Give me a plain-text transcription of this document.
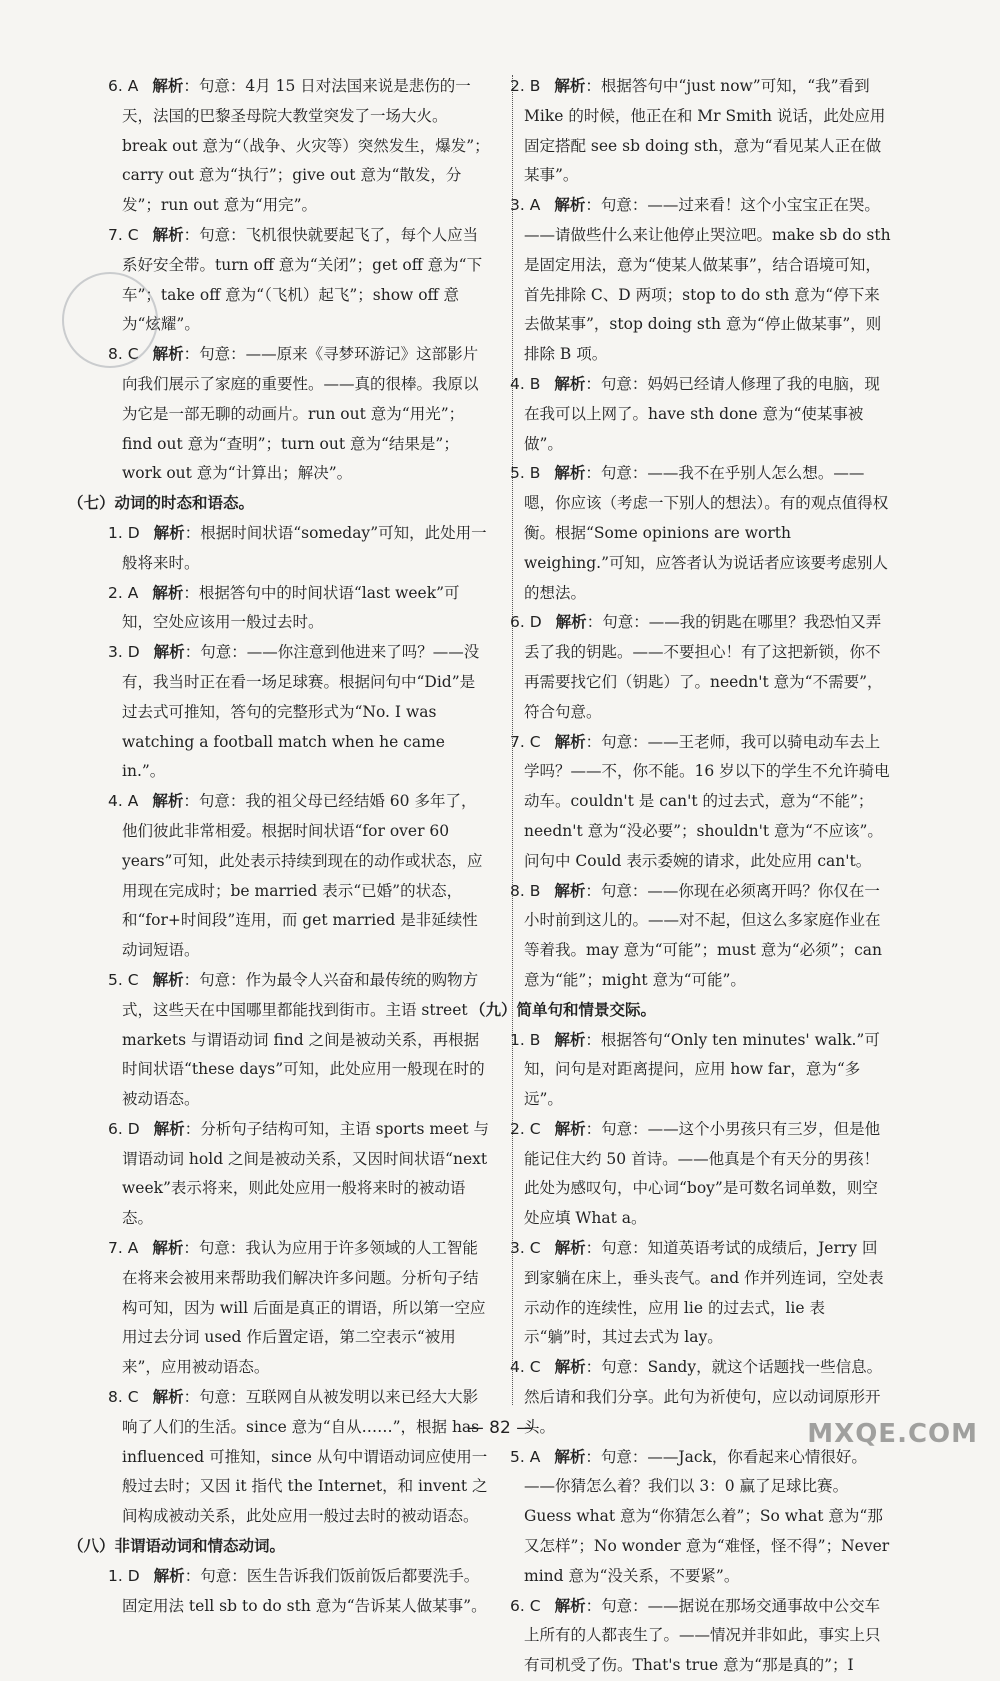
6. A 解析：句意：4月 15 日对法国来说是悲伤的一天，法国的巴黎圣母院大教堂突发了一场大火。break out 意为“（战争、火灾等）突然发生，爆发”；carry out 意为“执行”；give out 意为“散发，分发”；run out 意为“用完”。

7. C 解析：句意：飞机很快就要起飞了，每个人应当系好安全带。turn off 意为“关闭”；get off 意为“下车”；take off 意为“（飞机）起飞”；show off 意为“炫耀”。

8. C 解析：句意：——原来《寻梦环游记》这部影片向我们展示了家庭的重要性。——真的很棒。我原以为它是一部无聊的动画片。run out 意为“用光”；find out 意为“查明”；turn out 意为“结果是”；work out 意为“计算出；解决”。

（七）动词的时态和语态。

1. D 解析：根据时间状语“someday”可知，此处用一般将来时。

2. A 解析：根据答句中的时间状语“last week”可知，空处应该用一般过去时。

3. D 解析：句意：——你注意到他进来了吗？——没有，我当时正在看一场足球赛。根据问句中“Did”是过去式可推知，答句的完整形式为“No. I was watching a football match when he came in.”。

4. A 解析：句意：我的祖父母已经结婚 60 多年了，他们彼此非常相爱。根据时间状语“for over 60 years”可知，此处表示持续到现在的动作或状态，应用现在完成时；be married 表示“已婚”的状态，和“for+时间段”连用，而 get married 是非延续性动词短语。

5. C 解析：句意：作为最令人兴奋和最传统的购物方式，这些天在中国哪里都能找到街市。主语 street markets 与谓语动词 find 之间是被动关系，再根据时间状语“these days”可知，此处应用一般现在时的被动语态。

6. D 解析：分析句子结构可知，主语 sports meet 与谓语动词 hold 之间是被动关系，又因时间状语“next week”表示将来，则此处应用一般将来时的被动语态。

7. A 解析：句意：我认为应用于许多领域的人工智能在将来会被用来帮助我们解决许多问题。分析句子结构可知，因为 will 后面是真正的谓语，所以第一空应用过去分词 used 作后置定语，第二空表示“被用来”，应用被动语态。

8. C 解析：句意：互联网自从被发明以来已经大大影响了人们的生活。since 意为“自从……”，根据 has influenced 可推知，since 从句中谓语动词应使用一般过去时；又因 it 指代 the Internet，和 invent 之间构成被动关系，此处应用一般过去时的被动语态。

（八）非谓语动词和情态动词。

1. D 解析：句意：医生告诉我们饭前饭后都要洗手。固定用法 tell sb to do sth 意为“告诉某人做某事”。

2. B 解析：根据答句中“just now”可知，“我”看到 Mike 的时候，他正在和 Mr Smith 说话，此处应用固定搭配 see sb doing sth，意为“看见某人正在做某事”。

3. A 解析：句意：——过来看！这个小宝宝正在哭。——请做些什么来让他停止哭泣吧。make sb do sth 是固定用法，意为“使某人做某事”，结合语境可知，首先排除 C、D 两项；stop to do sth 意为“停下来去做某事”，stop doing sth 意为“停止做某事”，则排除 B 项。

4. B 解析：句意：妈妈已经请人修理了我的电脑，现在我可以上网了。have sth done 意为“使某事被做”。

5. B 解析：句意：——我不在乎别人怎么想。——嗯，你应该（考虑一下别人的想法）。有的观点值得权衡。根据“Some opinions are worth weighing.”可知，应答者认为说话者应该要考虑别人的想法。

6. D 解析：句意：——我的钥匙在哪里？我恐怕又弄丢了我的钥匙。——不要担心！有了这把新锁，你不再需要找它们（钥匙）了。needn't 意为“不需要”，符合句意。

7. C 解析：句意：——王老师，我可以骑电动车去上学吗？——不，你不能。16 岁以下的学生不允许骑电动车。couldn't 是 can't 的过去式，意为“不能”；needn't 意为“没必要”；shouldn't 意为“不应该”。问句中 Could 表示委婉的请求，此处应用 can't。

8. B 解析：句意：——你现在必须离开吗？你仅在一小时前到这儿的。——对不起，但这么多家庭作业在等着我。may 意为“可能”；must 意为“必须”；can 意为“能”；might 意为“可能”。

（九）简单句和情景交际。

1. B 解析：根据答句“Only ten minutes' walk.”可知，问句是对距离提问，应用 how far，意为“多远”。

2. C 解析：句意：——这个小男孩只有三岁，但是他能记住大约 50 首诗。——他真是个有天分的男孩！此处为感叹句，中心词“boy”是可数名词单数，则空处应填 What a。

3. C 解析：句意：知道英语考试的成绩后，Jerry 回到家躺在床上，垂头丧气。and 作并列连词，空处表示动作的连续性，应用 lie 的过去式，lie 表示“躺”时，其过去式为 lay。

4. C 解析：句意：Sandy，就这个话题找一些信息。然后请和我们分享。此句为祈使句，应以动词原形开头。

5. A 解析：句意：——Jack，你看起来心情很好。——你猜怎么着？我们以 3：0 赢了足球比赛。Guess what 意为“你猜怎么着”；So what 意为“那又怎样”；No wonder 意为“难怪，怪不得”；Never mind 意为“没关系，不要紧”。

6. C 解析：句意：——据说在那场交通事故中公交车上所有的人都丧生了。——情况并非如此，事实上只有司机受了伤。That's true 意为“那是真的”；I

— 82 —	MXQE.COM
